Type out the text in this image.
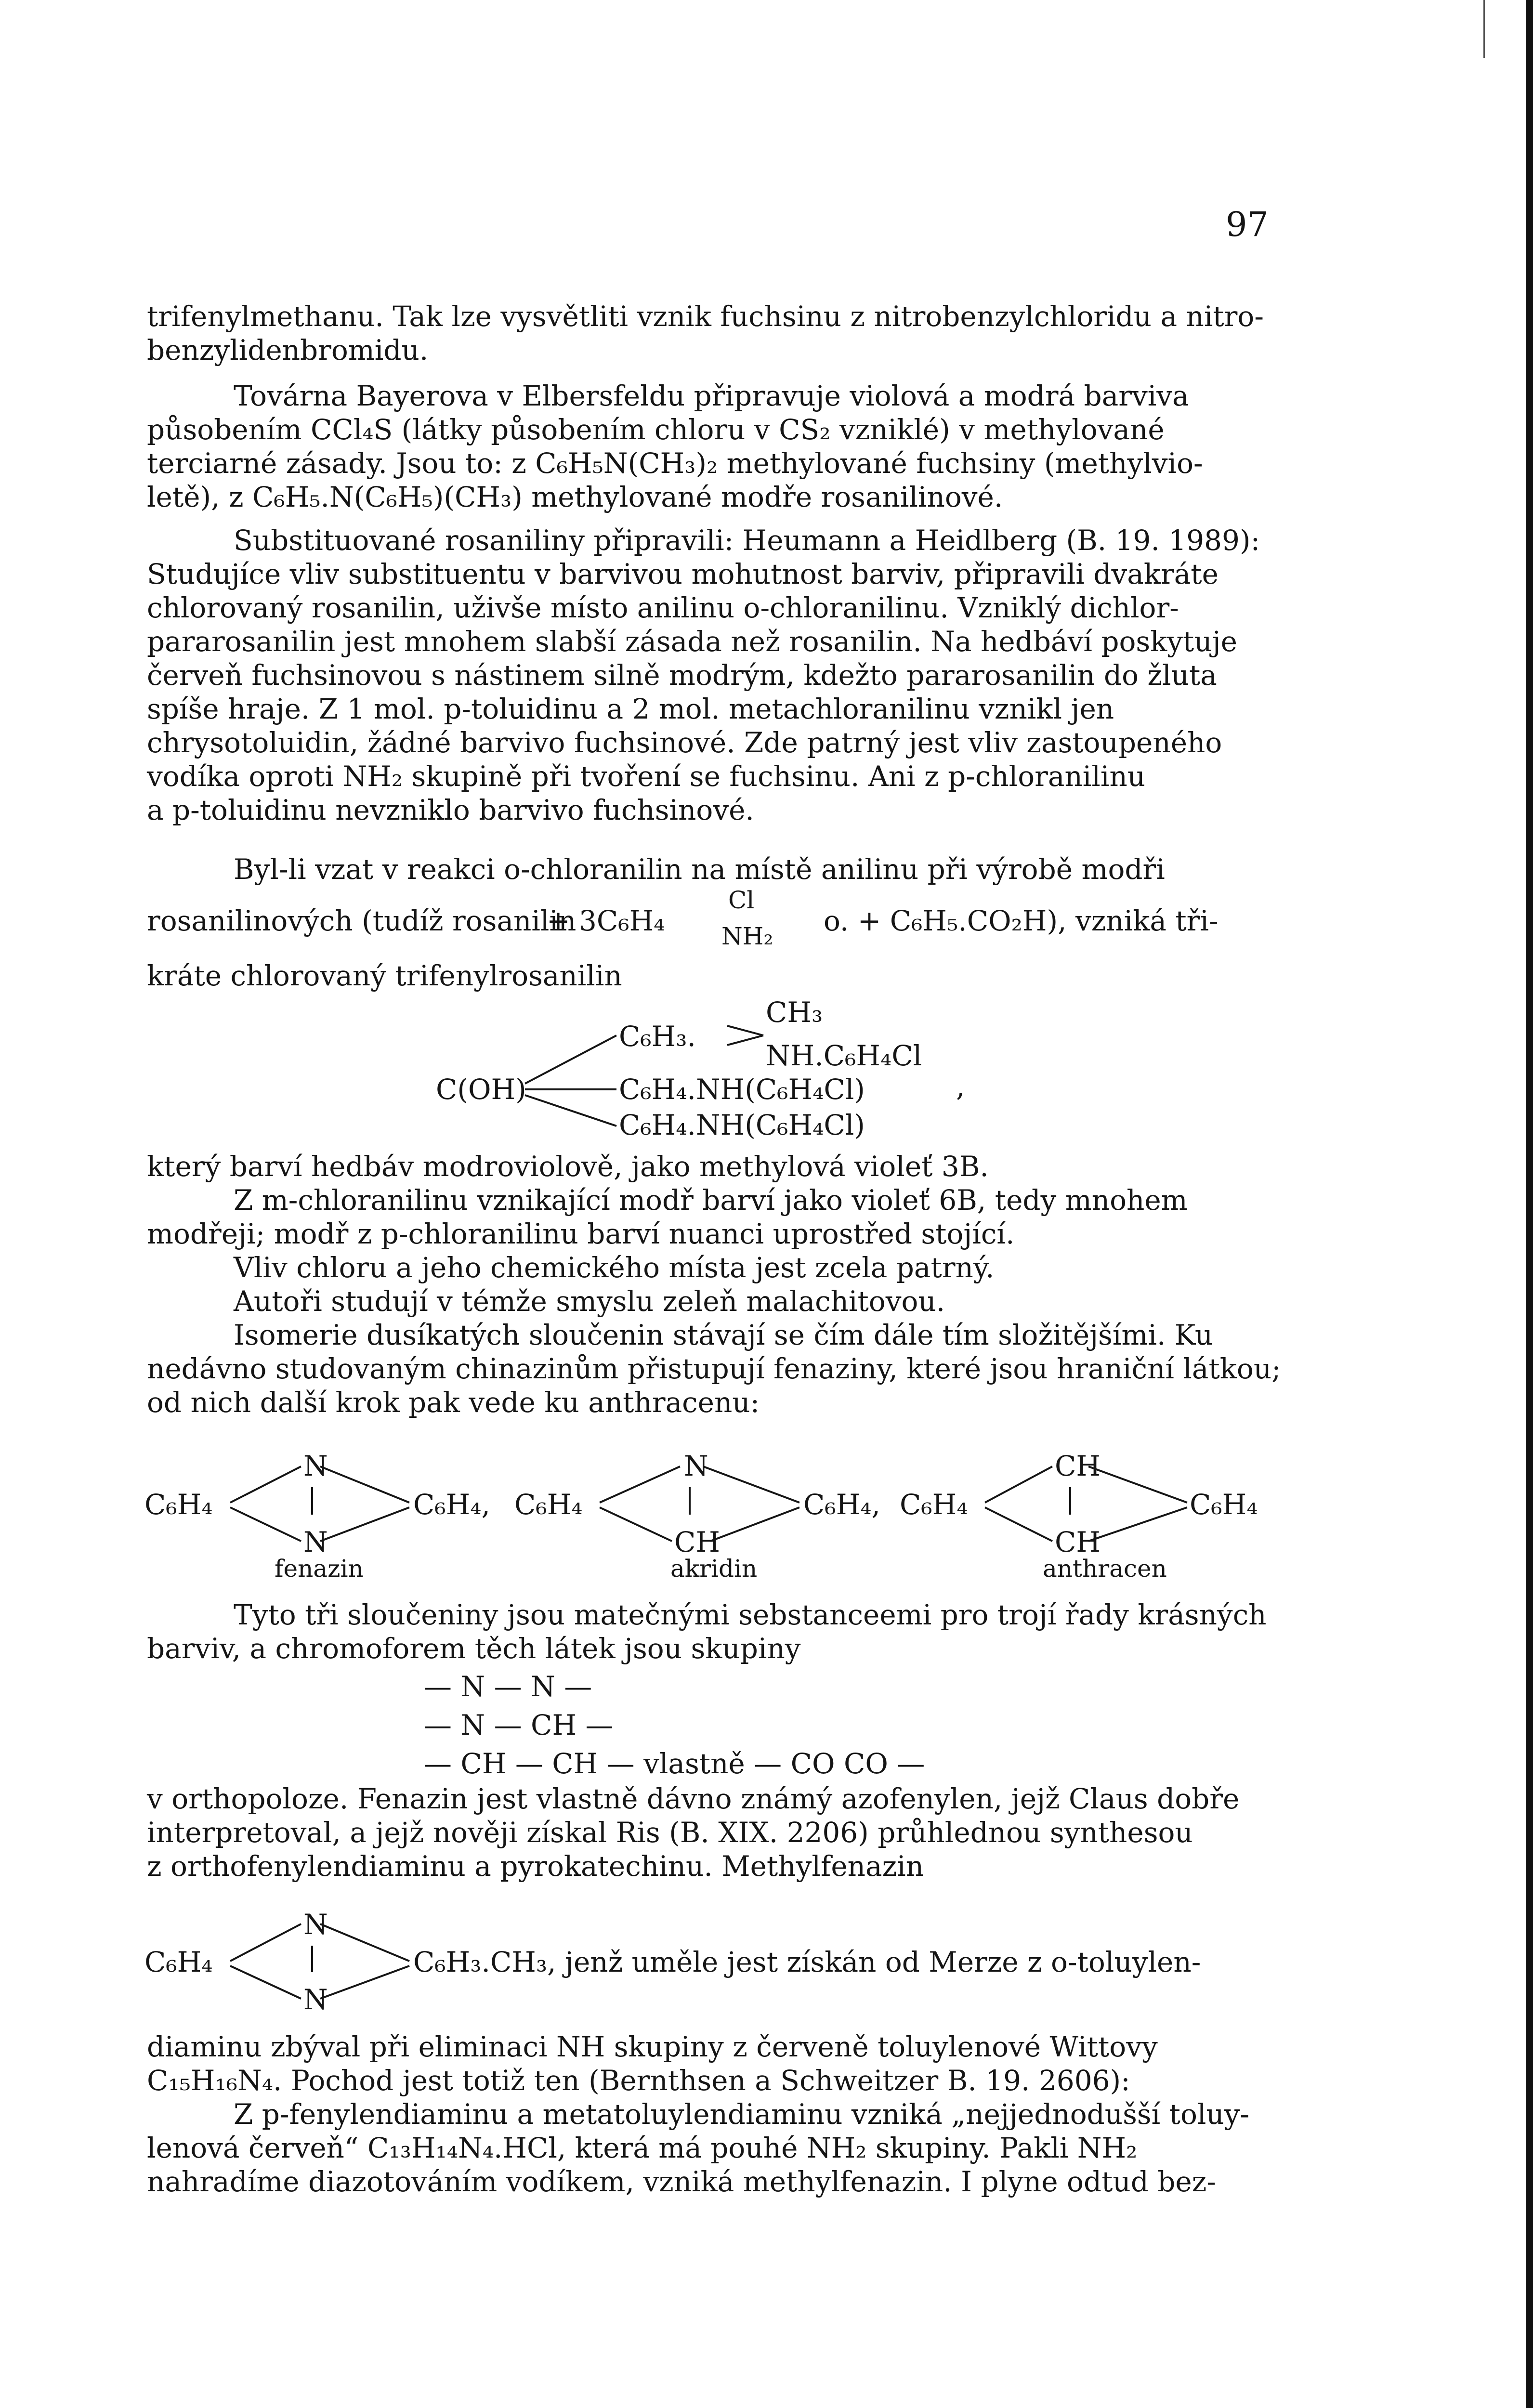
97
trifenylmethanu. Tak lze vysvětliti vznik fuchsinu z nitrobenzylchloridu a nitro-
benzylidenbromidu.
Továrna Bayerova v Elbersfeldu připravuje violová a modrá barviva
působením CCl₄S (látky působením chloru v CS₂ vzniklé) v methylované
terciarné zásady. Jsou to: z C₆H₅N(CH₃)₂ methylované fuchsiny (methylvio-
letě), z C₆H₅.N(C₆H₅)(CH₃) methylované modře rosanilinové.
Substituované rosaniliny připravili: Heumann a Heidlberg (B. 19. 1989):
Studujíce vliv substituentu v barvivou mohutnost barviv, připravili dvakráte
chlorovaný rosanilin, uživše místo anilinu o-chloranilinu. Vzniklý dichlor-
pararosanilin jest mnohem slabší zásada než rosanilin. Na hedbáví poskytuje
červeň fuchsinovou s nástinem silně modrým, kdežto pararosanilin do žluta
spíše hraje. Z 1 mol. p-toluidinu a 2 mol. metachloranilinu vznikl jen
chrysotoluidin, žádné barvivo fuchsinové. Zde patrný jest vliv zastoupeného
vodíka oproti NH₂ skupině při tvoření se fuchsinu. Ani z p-chloranilinu
a p-toluidinu nevzniklo barvivo fuchsinové.
Byl-li vzat v reakci o-chloranilin na místě anilinu při výrobě modři
rosanilinových (tudíž rosanilin
+ 3C₆H₄
Cl
NH₂ o. + C₆H₅.CO₂H), vzniká tři-
kráte chlorovaný trifenylrosanilin
C(OH)
C₆H₃.
CH₃
NH.C₆H₄Cl
C₆H₄.NH(C₆H₄Cl)
C₆H₄.NH(C₆H₄Cl)
,
který barví hedbáv modroviolově, jako methylová violeť 3B.
Z m-chloranilinu vznikající modř barví jako violeť 6B, tedy mnohem
modřeji; modř z p-chloranilinu barví nuanci uprostřed stojící.
Vliv chloru a jeho chemického místa jest zcela patrný.
Autoři studují v témže smyslu zeleň malachitovou.
Isomerie dusíkatých sloučenin stávají se čím dále tím složitějšími. Ku
nedávno studovaným chinazinům přistupují fenaziny, které jsou hraniční látkou;
od nich další krok pak vede ku anthracenu:
C₆H₄
N
N
C₆H₄,
fenazin
C₆H₄
N
CH
C₆H₄,
akridin
C₆H₄
CH
CH
C₆H₄
anthracen
Tyto tři sloučeniny jsou matečnými sebstanceemi pro trojí řady krásných
barviv, a chromoforem těch látek jsou skupiny
— N — N —
— N — CH —
— CH — CH — vlastně — CO CO —
v orthopoloze. Fenazin jest vlastně dávno známý azofenylen, jejž Claus dobře
interpretoval, a jejž nověji získal Ris (B. XIX. 2206) průhlednou synthesou
z orthofenylendiaminu a pyrokatechinu. Methylfenazin
C₆H₄
N
N
C₆H₃.CH₃, jenž uměle jest získán od Merze z o-toluylen-
diaminu zbýval při eliminaci NH skupiny z červeně toluylenové Wittovy
C₁₅H₁₆N₄. Pochod jest totiž ten (Bernthsen a Schweitzer B. 19. 2606):
Z p-fenylendiaminu a metatoluylendiaminu vzniká „nejjednodušší toluy-
lenová červeň“ C₁₃H₁₄N₄.HCl, která má pouhé NH₂ skupiny. Pakli NH₂
nahradíme diazotováním vodíkem, vzniká methylfenazin. I plyne odtud bez-
